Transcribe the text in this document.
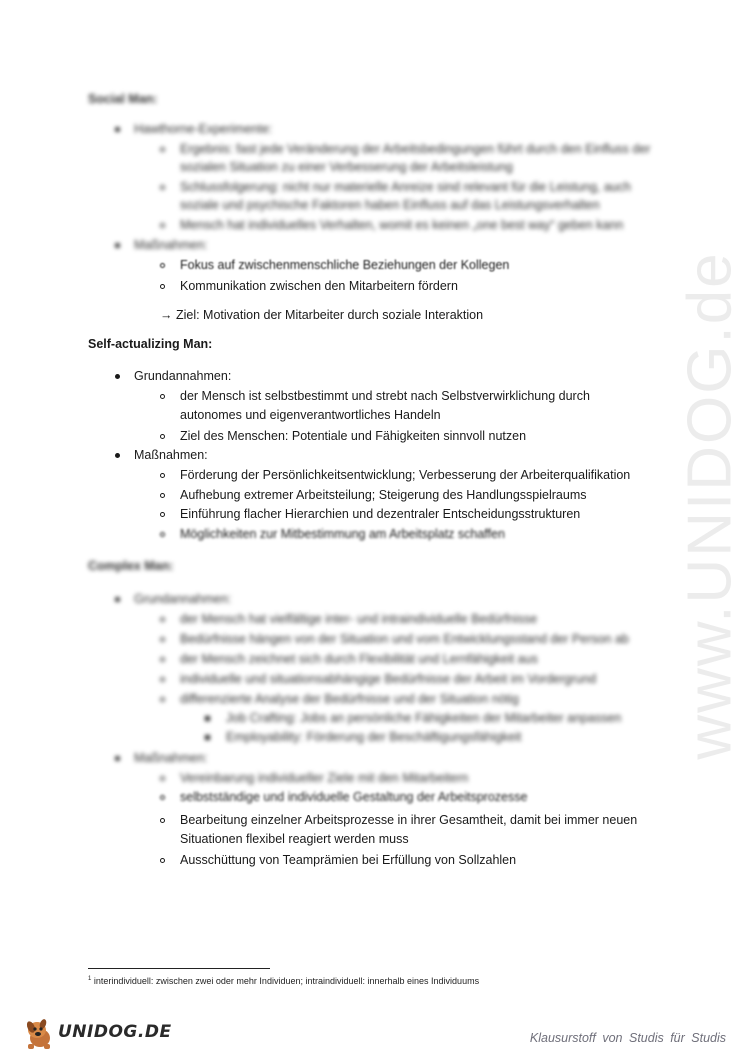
www.UNIDOG.de
Social Man:
Hawthorne-Experimente:
Ergebnis: fast jede Veränderung der Arbeitsbedingungen führt durch den Einfluss der
sozialen Situation zu einer Verbesserung der Arbeitsleistung
Schlussfolgerung: nicht nur materielle Anreize sind relevant für die Leistung, auch
soziale und psychische Faktoren haben Einfluss auf das Leistungsverhalten
Mensch hat individuelles Verhalten, womit es keinen „one best way“ geben kann
Maßnahmen:
Fokus auf zwischenmenschliche Beziehungen der Kollegen
Kommunikation zwischen den Mitarbeitern fördern
→ Ziel: Motivation der Mitarbeiter durch soziale Interaktion
Self-actualizing Man:
Grundannahmen:
der Mensch ist selbstbestimmt und strebt nach Selbstverwirklichung durch
autonomes und eigenverantwortliches Handeln
Ziel des Menschen: Potentiale und Fähigkeiten sinnvoll nutzen
Maßnahmen:
Förderung der Persönlichkeitsentwicklung; Verbesserung der Arbeiterqualifikation
Aufhebung extremer Arbeitsteilung; Steigerung des Handlungsspielraums
Einführung flacher Hierarchien und dezentraler Entscheidungsstrukturen
Möglichkeiten zur Mitbestimmung am Arbeitsplatz schaffen
Complex Man:
Grundannahmen:
der Mensch hat vielfältige inter- und intraindividuelle Bedürfnisse
Bedürfnisse hängen von der Situation und vom Entwicklungsstand der Person ab
der Mensch zeichnet sich durch Flexibilität und Lernfähigkeit aus
individuelle und situationsabhängige Bedürfnisse der Arbeit im Vordergrund
differenzierte Analyse der Bedürfnisse und der Situation nötig
Job Crafting: Jobs an persönliche Fähigkeiten der Mitarbeiter anpassen
Employability: Förderung der Beschäftigungsfähigkeit
Maßnahmen:
Vereinbarung individueller Ziele mit den Mitarbeitern
selbstständige und individuelle Gestaltung der Arbeitsprozesse
Bearbeitung einzelner Arbeitsprozesse in ihrer Gesamtheit, damit bei immer neuen
Situationen flexibel reagiert werden muss
Ausschüttung von Teamprämien bei Erfüllung von Sollzahlen
$^1$ interindividuell: zwischen zwei oder mehr Individuen; intraindividuell: innerhalb eines Individuums
UNIDOG.DE	Klausurstoff von Studis für Studis
